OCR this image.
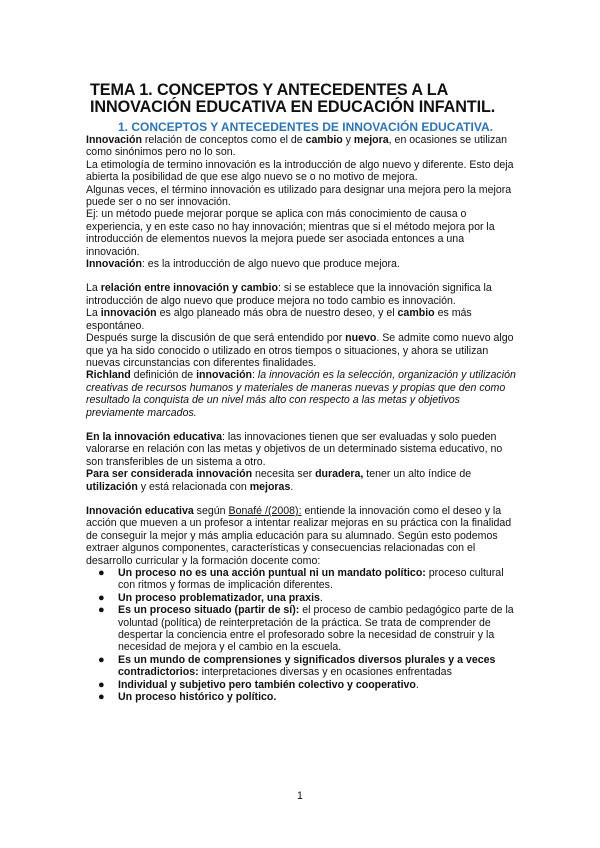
TEMA 1. CONCEPTOS Y ANTECEDENTES A LA
INNOVACIÓN EDUCATIVA EN EDUCACIÓN INFANTIL.
1. CONCEPTOS Y ANTECEDENTES DE INNOVACIÓN EDUCATIVA.

Innovación relación de conceptos como el de cambio y mejora, en ocasiones se utilizan como sinónimos pero no lo son.

La etimología de termino innovación es la introducción de algo nuevo y diferente. Esto deja abierta la posibilidad de que ese algo nuevo se o no motivo de mejora.

Algunas veces, el término innovación es utilizado para designar una mejora pero la mejora puede ser o no ser innovación.

Ej: un método puede mejorar porque se aplica con más conocimiento de causa o experiencia, y en este caso no hay innovación; mientras que si el método mejora por la introducción de elementos nuevos la mejora puede ser asociada entonces a una innovación.

Innovación: es la introducción de algo nuevo que produce mejora.

La relación entre innovación y cambio: si se establece que la innovación significa la introducción de algo nuevo que produce mejora no todo cambio es innovación.

La innovación es algo planeado más obra de nuestro deseo, y el cambio es más espontáneo.

Después surge la discusión de que será entendido por nuevo. Se admite como nuevo algo que ya ha sido conocido o utilizado en otros tiempos o situaciones, y ahora se utilizan nuevas circunstancias con diferentes finalidades.

Richland definición de innovación: la innovación es la selección, organización y utilización creativas de recursos humanos y materiales de maneras nuevas y propias que den como resultado la conquista de un nivel más alto con respecto a las metas y objetivos previamente marcados.

En la innovación educativa: las innovaciones tienen que ser evaluadas y solo pueden valorarse en relación con las metas y objetivos de un determinado sistema educativo, no son transferibles de un sistema a otro.

Para ser considerada innovación necesita ser duradera, tener un alto índice de utilización y está relacionada con mejoras.

Innovación educativa según Bonafé /(2008): entiende la innovación como el deseo y la acción que mueven a un profesor a intentar realizar mejoras en su práctica con la finalidad de conseguir la mejor y más amplia educación para su alumnado. Según esto podemos extraer algunos componentes, características y consecuencias relacionadas con el desarrollo curricular y la formación docente como:

● Un proceso no es una acción puntual ni un mandato político: proceso cultural con ritmos y formas de implicación diferentes.
● Un proceso problematizador, una praxis.
● Es un proceso situado (partir de sí): el proceso de cambio pedagógico parte de la voluntad (política) de reinterpretación de la práctica. Se trata de comprender de despertar la conciencia entre el profesorado sobre la necesidad de construir y la necesidad de mejora y el cambio en la escuela.
● Es un mundo de comprensiones y significados diversos plurales y a veces contradictorios: interpretaciones diversas y en ocasiones enfrentadas
● Individual y subjetivo pero también colectivo y cooperativo.
● Un proceso histórico y político.
1
